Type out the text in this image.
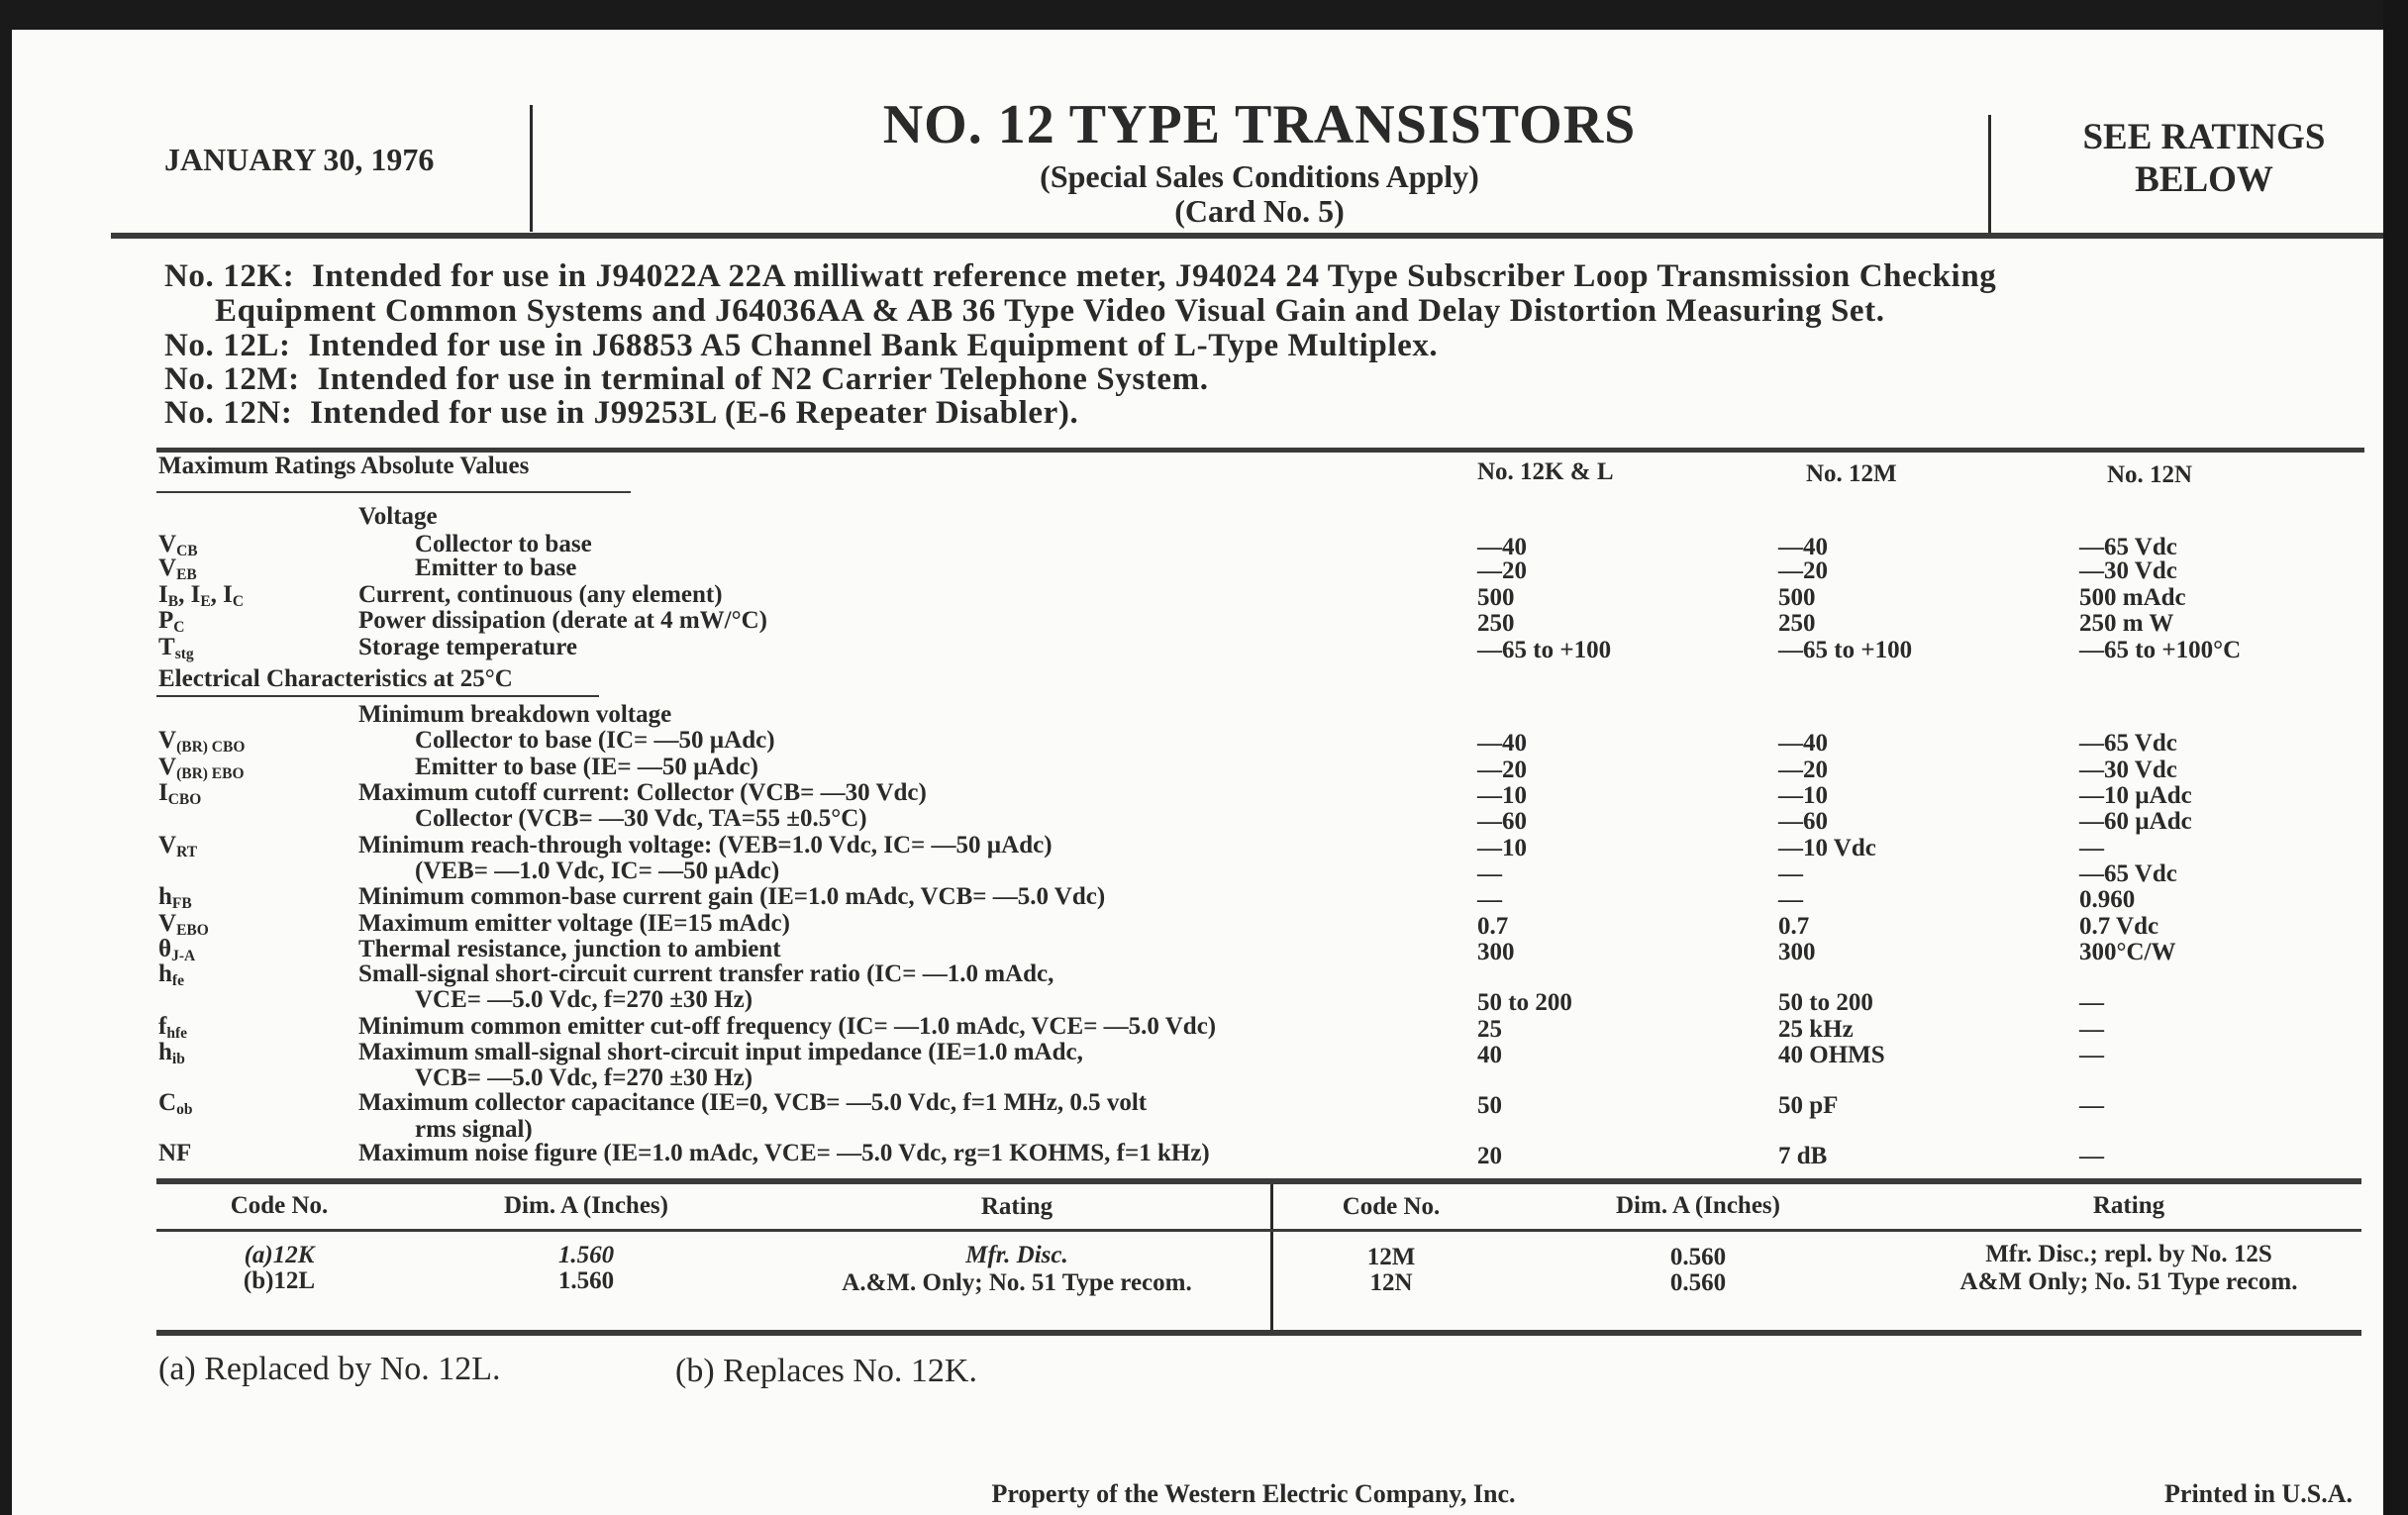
JANUARY 30, 1976
NO. 12 TYPE TRANSISTORS
(Special Sales Conditions Apply)
(Card No. 5)
SEE RATINGS
BELOW
No. 12K: Intended for use in J94022A 22A milliwatt reference meter, J94024 24 Type Subscriber Loop Transmission Checking
Equipment Common Systems and J64036AA & AB 36 Type Video Visual Gain and Delay Distortion Measuring Set.
No. 12L: Intended for use in J68853 A5 Channel Bank Equipment of L-Type Multiplex.
No. 12M: Intended for use in terminal of N2 Carrier Telephone System.
No. 12N: Intended for use in J99253L (E-6 Repeater Disabler).
Maximum Ratings Absolute Values	No. 12K & L	No. 12M	No. 12N
Voltage
$V_{CB}$	Collector to base	—40	—40	—65 Vdc
$V_{EB}$	Emitter to base	—20	—20	—30 Vdc
$I_B$, $I_E$, $I_C$	Current, continuous (any element)	500	500	500 mAdc
$P_C$	Power dissipation (derate at 4 mW/°C)	250	250	250 m W
$T_{stg}$	Storage temperature	—65 to +100	—65 to +100	—65 to +100°C
Electrical Characteristics at 25°C
Minimum breakdown voltage
$V_{(BR) CBO}$	Collector to base (IC= —50 µAdc)	—40	—40	—65 Vdc
$V_{(BR) EBO}$	Emitter to base (IE= —50 µAdc)	—20	—20	—30 Vdc
$I_{CBO}$	Maximum cutoff current: Collector (VCB= —30 Vdc)	—10	—10	—10 µAdc
Collector (VCB= —30 Vdc, TA=55 ±0.5°C)	—60	—60	—60 µAdc
$V_{RT}$	Minimum reach-through voltage: (VEB=1.0 Vdc, IC= —50 µAdc)	—10	—10 Vdc	—
(VEB= —1.0 Vdc, IC= —50 µAdc)	—	—	—65 Vdc
$h_{FB}$	Minimum common-base current gain (IE=1.0 mAdc, VCB= —5.0 Vdc)	—	—	0.960
$V_{EBO}$	Maximum emitter voltage (IE=15 mAdc)	0.7	0.7	0.7 Vdc
$\theta_{J-A}$	Thermal resistance, junction to ambient	300	300	300°C/W
$h_{fe}$	Small-signal short-circuit current transfer ratio (IC= —1.0 mAdc,
VCE= —5.0 Vdc, f=270 ±30 Hz)	50 to 200	50 to 200	—
$f_{hfe}$	Minimum common emitter cut-off frequency (IC= —1.0 mAdc, VCE= —5.0 Vdc)	25	25 kHz	—
$h_{ib}$	Maximum small-signal short-circuit input impedance (IE=1.0 mAdc,	40	40 OHMS	—
VCB= —5.0 Vdc, f=270 ±30 Hz)
$C_{ob}$	Maximum collector capacitance (IE=0, VCB= —5.0 Vdc, f=1 MHz, 0.5 volt	50	50 pF	—
rms signal)
NF	Maximum noise figure (IE=1.0 mAdc, VCE= —5.0 Vdc, rg=1 KOHMS, f=1 kHz)	20	7 dB	—
Code No.	Dim. A (Inches)	Rating	Code No.	Dim. A (Inches)	Rating
(a)12K	1.560	Mfr. Disc.
(b)12L	1.560	A.&M. Only; No. 51 Type recom.
12M	0.560	Mfr. Disc.; repl. by No. 12S
12N	0.560	A&M Only; No. 51 Type recom.
(a) Replaced by No. 12L.	(b) Replaces No. 12K.
Property of the Western Electric Company, Inc.	Printed in U.S.A.
